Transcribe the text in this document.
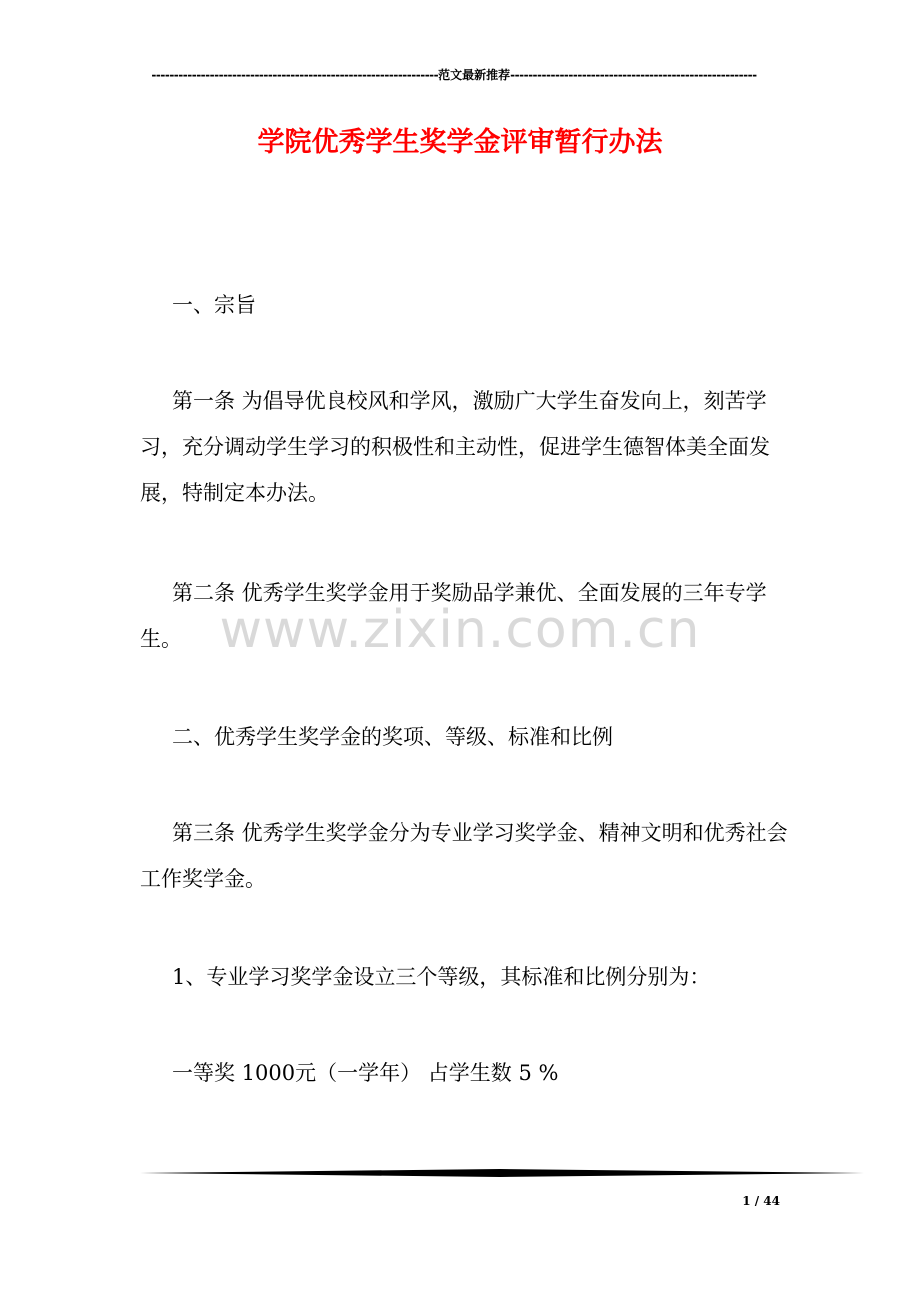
----------------------------------------------------------------范文最新推荐-------------------------------------------------------
学院优秀学生奖学金评审暂行办法
www.zixin.com.cn

一、宗旨

第一条 为倡导优良校风和学风，激励广大学生奋发向上，刻苦学习，充分调动学生学习的积极性和主动性，促进学生德智体美全面发展，特制定本办法。

第二条 优秀学生奖学金用于奖励品学兼优、全面发展的三年专学生。

二、优秀学生奖学金的奖项、等级、标准和比例

第三条 优秀学生奖学金分为专业学习奖学金、精神文明和优秀社会工作奖学金。

1、专业学习奖学金设立三个等级，其标准和比例分别为：

一等奖 1000元（一学年） 占学生数 5 %

1 / 44
